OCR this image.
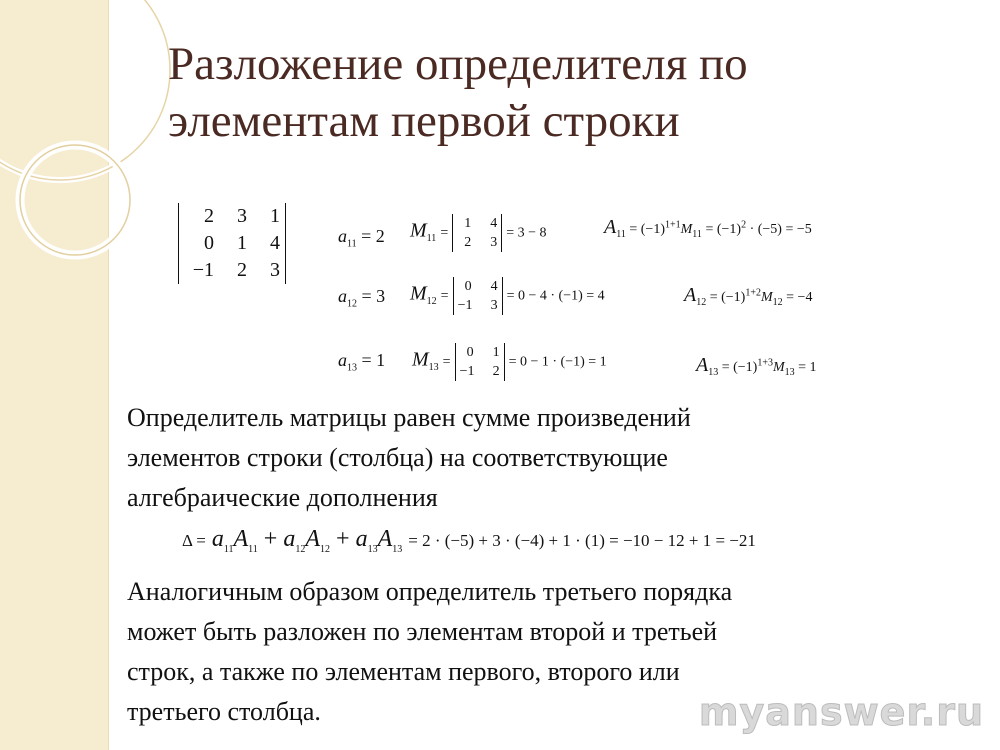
Разложение определителя по
элементам первой строки
2	3	1
0	1	4
−1	2	3
$a_{11} = 2$ $M_{11}$ =
1	4
2	3
= 3 − 8	$A_{11} = (-1)^{1+1}M_{11} = (-1)^2 \cdot (-5) = -5$
$a_{12} = 3$ $M_{12}$ =
0	4
−1	3
= 0 − 4 · (−1) = 4	$A_{12} = (-1)^{1+2}M_{12} = -4$
$a_{13} = 1$ $M_{13}$ =
0	1
−1	2
= 0 − 1 · (−1) = 1	$A_{13} = (-1)^{1+3}M_{13} = 1$
Определитель матрицы равен сумме произведений
элементов строки (столбца) на соответствующие
алгебраические дополнения
$\Delta = a_{11}A_{11} + a_{12}A_{12} + a_{13}A_{13} = 2 \cdot (-5) + 3 \cdot (-4) + 1 \cdot (1) = -10 - 12 + 1 = -21$
Аналогичным образом определитель третьего порядка
может быть разложен по элементам второй и третьей
строк, а также по элементам первого, второго или
третьего столбца.	myanswer.ru
